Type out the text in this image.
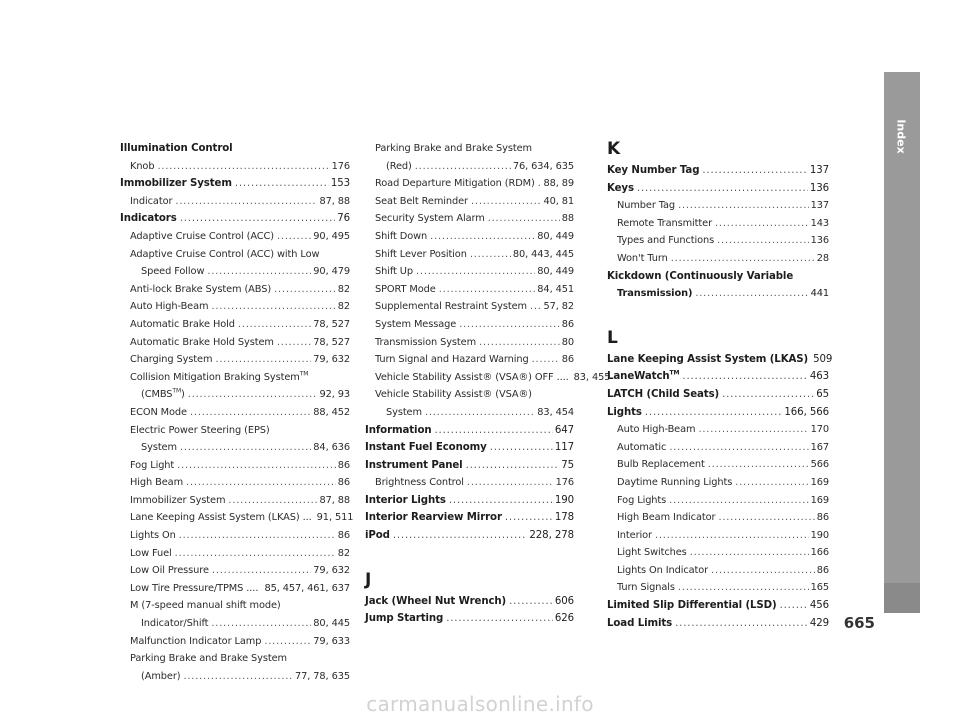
Illumination Control
Knob .....	176
Immobilizer System .....	153
Indicator .....	87, 88
Indicators .....	76
Adaptive Cruise Control (ACC) .....	90, 495
Adaptive Cruise Control (ACC) with Low
Speed Follow .....	90, 479
Anti-lock Brake System (ABS) .....	82
Auto High-Beam .....	82
Automatic Brake Hold .....	78, 527
Automatic Brake Hold System .....	78, 527
Charging System .....	79, 632
Collision Mitigation Braking System™
(CMBS™) .....	92, 93
ECON Mode .....	88, 452
Electric Power Steering (EPS)
System .....	84, 636
Fog Light .....	86
High Beam .....	86
Immobilizer System .....	87, 88
Lane Keeping Assist System (LKAS) ... 91, 511
Lights On .....	86
Low Fuel .....	82
Low Oil Pressure .....	79, 632
Low Tire Pressure/TPMS .... 85, 457, 461, 637
M (7-speed manual shift mode)
Indicator/Shift .....	80, 445
Malfunction Indicator Lamp .....	79, 633
Parking Brake and Brake System
(Amber) .....	77, 78, 635
Parking Brake and Brake System
(Red) .....	76, 634, 635
Road Departure Mitigation (RDM) ..... 88, 89
Seat Belt Reminder .....	40, 81
Security System Alarm .....	88
Shift Down .....	80, 449
Shift Lever Position .....	80, 443, 445
Shift Up .....	80, 449
SPORT Mode .....	84, 451
Supplemental Restraint System ..... 57, 82
System Message .....	86
Transmission System .....	80
Turn Signal and Hazard Warning .....	86
Vehicle Stability Assist® (VSA®) OFF .... 83, 455
Vehicle Stability Assist® (VSA®)
System .....	83, 454
Information .....	647
Instant Fuel Economy .....	117
Instrument Panel .....	75
Brightness Control .....	176
Interior Lights .....	190
Interior Rearview Mirror .....	178
iPod .....	228, 278
J
Jack (Wheel Nut Wrench) .....	606
Jump Starting .....	626
K
Key Number Tag .....	137
Keys .....	136
Number Tag .....	137
Remote Transmitter .....	143
Types and Functions .....	136
Won't Turn .....	28
Kickdown (Continuously Variable
Transmission) .....	441
L
Lane Keeping Assist System (LKAS) 509
LaneWatch™ .....	463
LATCH (Child Seats) .....	65
Lights .....	166, 566
Auto High-Beam .....	170
Automatic .....	167
Bulb Replacement .....	566
Daytime Running Lights .....	169
Fog Lights .....	169
High Beam Indicator .....	86
Interior .....	190
Light Switches .....	166
Lights On Indicator .....	86
Turn Signals .....	165
Limited Slip Differential (LSD) .....	456
Load Limits .....	429
Index
665
carmanualsonline.info
